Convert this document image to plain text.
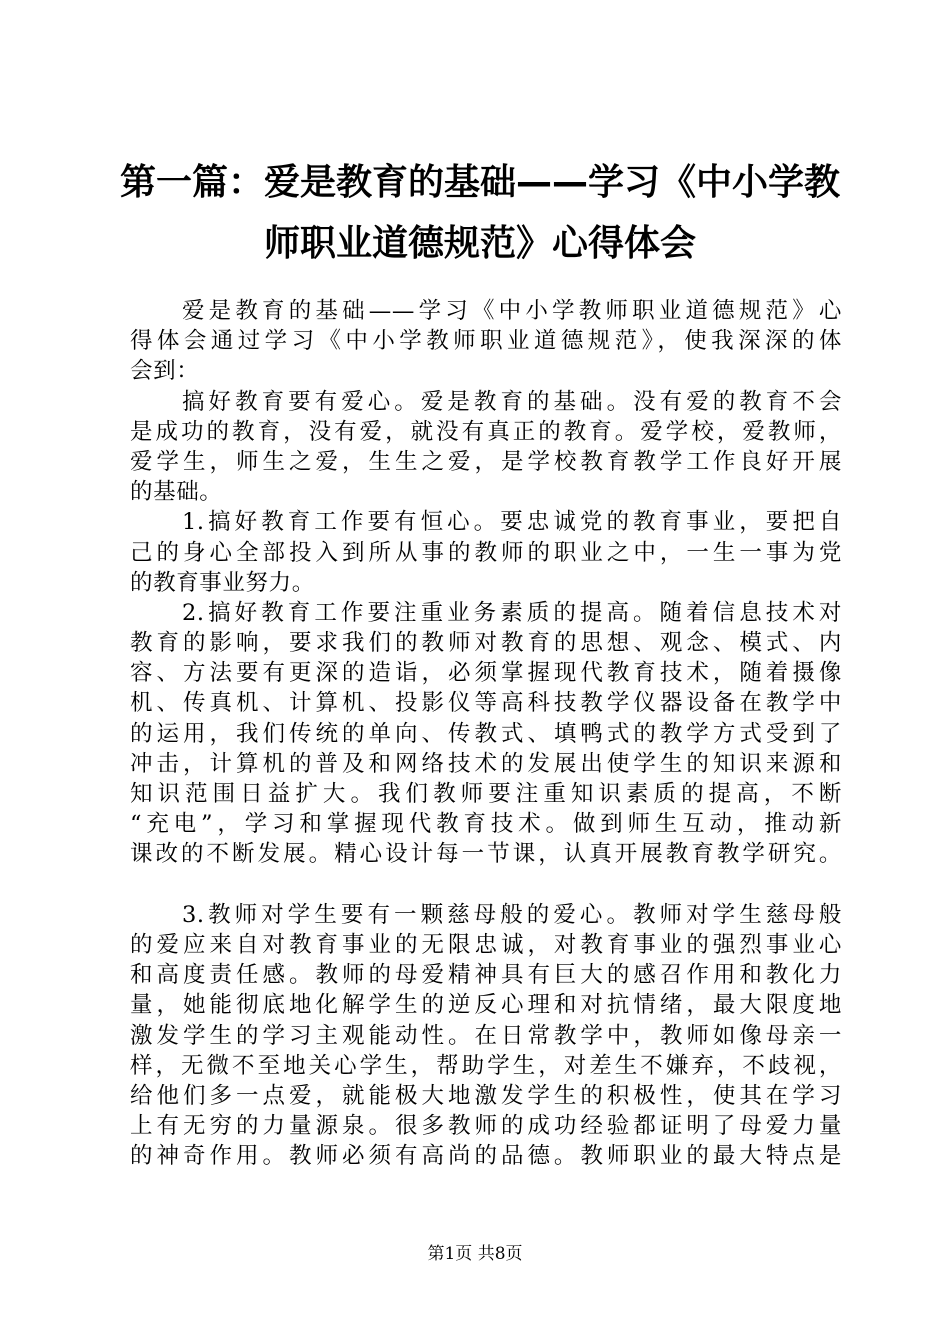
第一篇：爱是教育的基础——学习《中小学教
师职业道德规范》心得体会
爱是教育的基础——学习《中小学教师职业道德规范》心
得体会通过学习《中小学教师职业道德规范》，使我深深的体
会到：
搞好教育要有爱心。爱是教育的基础。没有爱的教育不会
是成功的教育，没有爱，就没有真正的教育。爱学校，爱教师，
爱学生，师生之爱，生生之爱，是学校教育教学工作良好开展
的基础。
1.搞好教育工作要有恒心。要忠诚党的教育事业，要把自
己的身心全部投入到所从事的教师的职业之中，一生一事为党
的教育事业努力。
2.搞好教育工作要注重业务素质的提高。随着信息技术对
教育的影响，要求我们的教师对教育的思想、观念、模式、内
容、方法要有更深的造诣，必须掌握现代教育技术，随着摄像
机、传真机、计算机、投影仪等高科技教学仪器设备在教学中
的运用，我们传统的单向、传教式、填鸭式的教学方式受到了
冲击，计算机的普及和网络技术的发展出使学生的知识来源和
知识范围日益扩大。我们教师要注重知识素质的提高，不断
“充电”，学习和掌握现代教育技术。做到师生互动，推动新
课改的不断发展。精心设计每一节课，认真开展教育教学研究。
3.教师对学生要有一颗慈母般的爱心。教师对学生慈母般
的爱应来自对教育事业的无限忠诚，对教育事业的强烈事业心
和高度责任感。教师的母爱精神具有巨大的感召作用和教化力
量，她能彻底地化解学生的逆反心理和对抗情绪，最大限度地
激发学生的学习主观能动性。在日常教学中，教师如像母亲一
样，无微不至地关心学生，帮助学生，对差生不嫌弃，不歧视，
给他们多一点爱，就能极大地激发学生的积极性，使其在学习
上有无穷的力量源泉。很多教师的成功经验都证明了母爱力量
的神奇作用。教师必须有高尚的品德。教师职业的最大特点是
第1页 共8页
